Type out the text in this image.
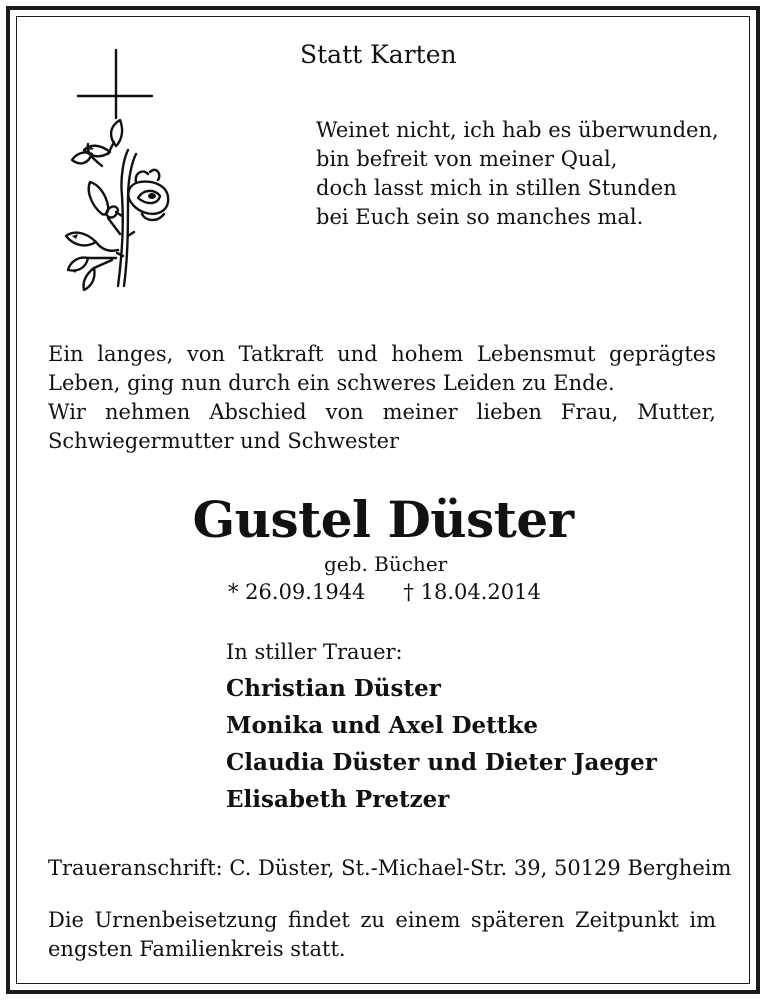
Statt Karten
Weinet nicht, ich hab es überwunden,
bin befreit von meiner Qual,
doch lasst mich in stillen Stunden
bei Euch sein so manches mal.
Ein langes, von Tatkraft und hohem Lebensmut geprägtes
Leben, ging nun durch ein schweres Leiden zu Ende.
Wir nehmen Abschied von meiner lieben Frau, Mutter,
Schwiegermutter und Schwester
Gustel Düster
geb. Bücher
* 26.09.1944 † 18.04.2014
In stiller Trauer:
Christian Düster
Monika und Axel Dettke
Claudia Düster und Dieter Jaeger
Elisabeth Pretzer
Traueranschrift: C. Düster, St.-Michael-Str. 39, 50129 Bergheim
Die Urnenbeisetzung findet zu einem späteren Zeitpunkt im
engsten Familienkreis statt.
